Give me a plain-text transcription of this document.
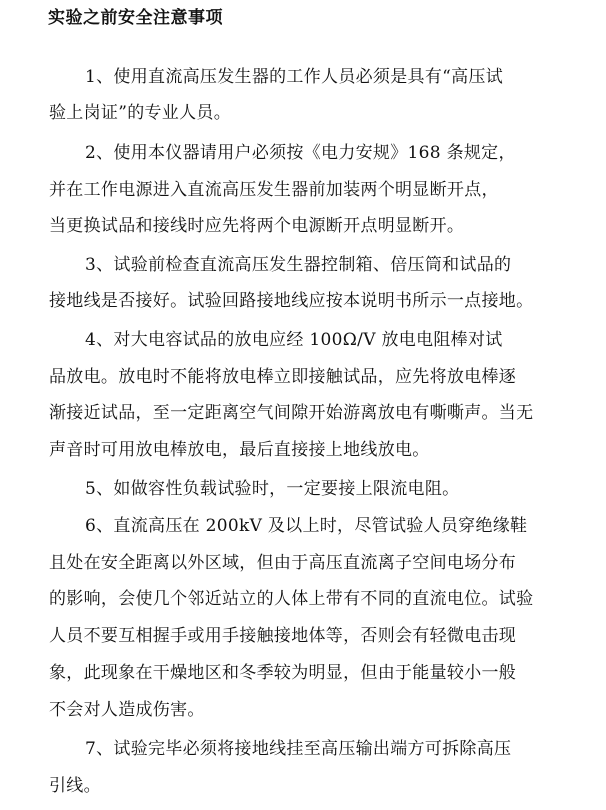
实验之前安全注意事项
1、使用直流高压发生器的工作人员必须是具有“高压试
验上岗证”的专业人员。
2、使用本仪器请用户必须按《电力安规》168 条规定，
并在工作电源进入直流高压发生器前加装两个明显断开点，
当更换试品和接线时应先将两个电源断开点明显断开。
3、试验前检查直流高压发生器控制箱、倍压筒和试品的
接地线是否接好。试验回路接地线应按本说明书所示一点接地。
4、对大电容试品的放电应经 100Ω/V 放电电阻棒对试
品放电。放电时不能将放电棒立即接触试品，应先将放电棒逐
渐接近试品，至一定距离空气间隙开始游离放电有嘶嘶声。当无
声音时可用放电棒放电，最后直接接上地线放电。
5、如做容性负载试验时，一定要接上限流电阻。
6、直流高压在 200kV 及以上时，尽管试验人员穿绝缘鞋
且处在安全距离以外区域，但由于高压直流离子空间电场分布
的影响，会使几个邻近站立的人体上带有不同的直流电位。试验
人员不要互相握手或用手接触接地体等，否则会有轻微电击现
象，此现象在干燥地区和冬季较为明显，但由于能量较小一般
不会对人造成伤害。
7、试验完毕必须将接地线挂至高压输出端方可拆除高压
引线。
